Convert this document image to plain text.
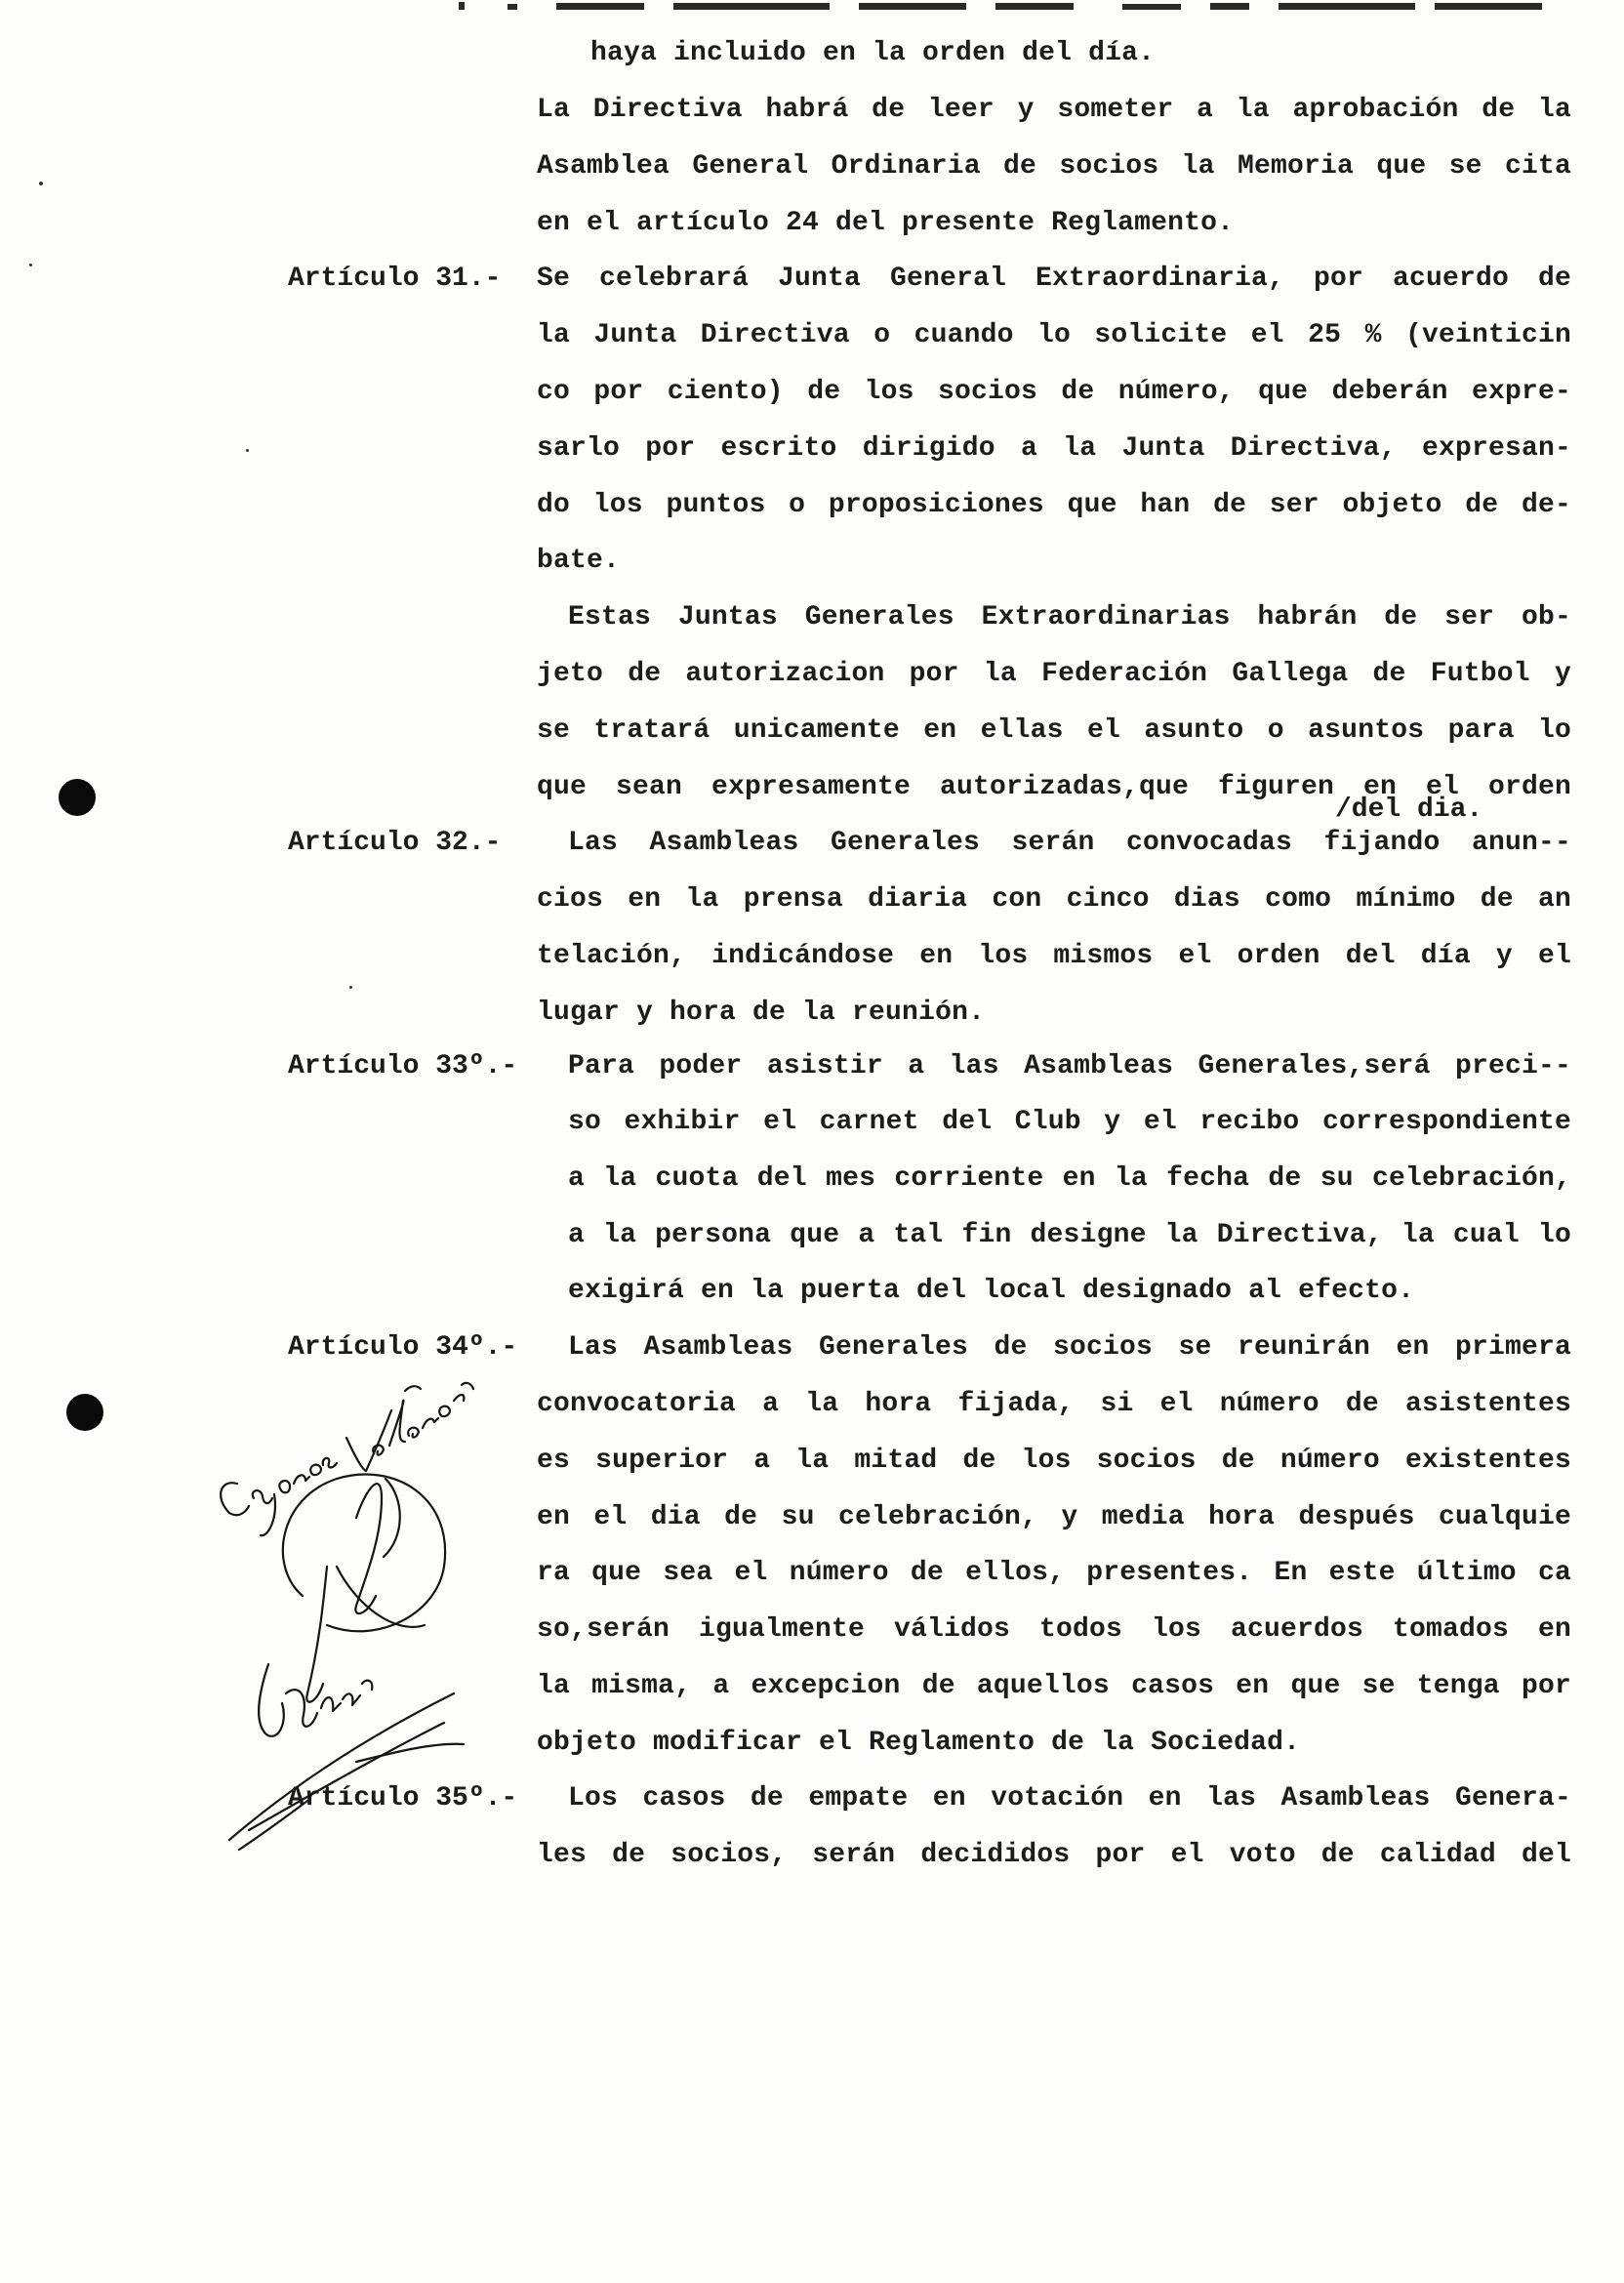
Artículo 31.-
Artículo 32.-
Artículo 33º.-
Artículo 34º.-
Artículo 35º.-
haya incluido en la orden del día.
La Directiva habrá de leer y someter a la aprobación de la
Asamblea General Ordinaria de socios la Memoria que se cita
en el artículo 24 del presente Reglamento.
Se celebrará Junta General Extraordinaria, por acuerdo de
la Junta Directiva o cuando lo solicite el 25 % (veinticin
co por ciento) de los socios de número, que deberán expre-
sarlo por escrito dirigido a la Junta Directiva, expresan-
do los puntos o proposiciones que han de ser objeto de de-
bate.
Estas Juntas Generales Extraordinarias habrán de ser ob-
jeto de autorizacion por la Federación Gallega de Futbol y
se tratará unicamente en ellas el asunto o asuntos para lo
que sean expresamente autorizadas,que figuren en el orden
/del dia.
Las Asambleas Generales serán convocadas fijando anun--
cios en la prensa diaria con cinco dias como mínimo de an
telación, indicándose en los mismos el orden del día y el
lugar y hora de la reunión.
Para poder asistir a las Asambleas Generales,será preci--
so exhibir el carnet del Club y el recibo correspondiente
a la cuota del mes corriente en la fecha de su celebración,
a la persona que a tal fin designe la Directiva, la cual lo
exigirá en la puerta del local designado al efecto.
Las Asambleas Generales de socios se reunirán en primera
convocatoria a la hora fijada, si el número de asistentes
es superior a la mitad de los socios de número existentes
en el dia de su celebración, y media hora después cualquie
ra que sea el número de ellos, presentes. En este último ca
so,serán igualmente válidos todos los acuerdos tomados en
la misma, a excepcion de aquellos casos en que se tenga por
objeto modificar el Reglamento de la Sociedad.
Los casos de empate en votación en las Asambleas Genera-
les de socios, serán decididos por el voto de calidad del
